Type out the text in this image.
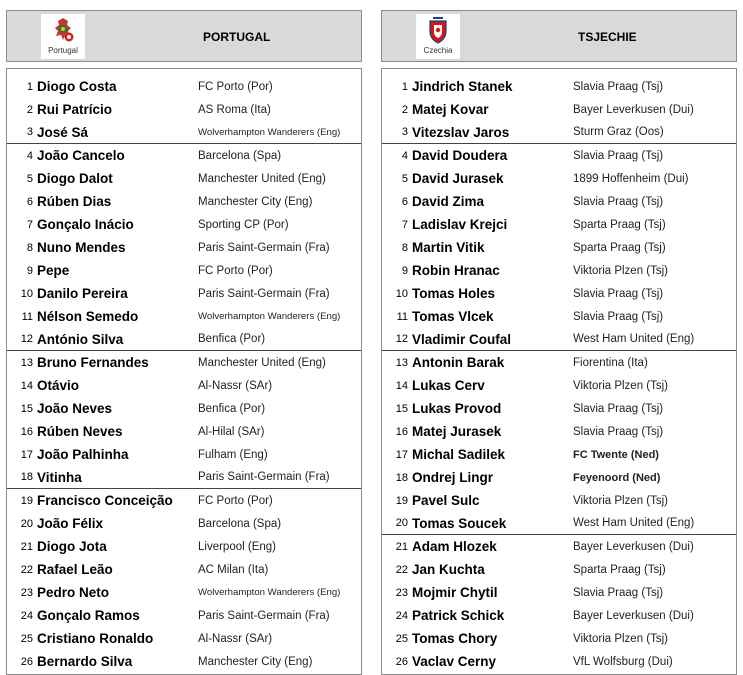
Portugal
PORTUGAL
1 Diogo Costa	FC Porto (Por)
2 Rui Patrício	AS Roma (Ita)
3 José Sá	Wolverhampton Wanderers (Eng)
4 João Cancelo	Barcelona (Spa)
5 Diogo Dalot	Manchester United (Eng)
6 Rúben Dias	Manchester City (Eng)
7 Gonçalo Inácio	Sporting CP (Por)
8 Nuno Mendes	Paris Saint-Germain (Fra)
9 Pepe	FC Porto (Por)
10 Danilo Pereira	Paris Saint-Germain (Fra)
11 Nélson Semedo	Wolverhampton Wanderers (Eng)
12 António Silva	Benfica (Por)
13 Bruno Fernandes	Manchester United (Eng)
14 Otávio	Al-Nassr (SAr)
15 João Neves	Benfica (Por)
16 Rúben Neves	Al-Hilal (SAr)
17 João Palhinha	Fulham (Eng)
18 Vitinha	Paris Saint-Germain (Fra)
19 Francisco Conceição	FC Porto (Por)
20 João Félix	Barcelona (Spa)
21 Diogo Jota	Liverpool (Eng)
22 Rafael Leão	AC Milan (Ita)
23 Pedro Neto	Wolverhampton Wanderers (Eng)
24 Gonçalo Ramos	Paris Saint-Germain (Fra)
25 Cristiano Ronaldo	Al-Nassr (SAr)
26 Bernardo Silva	Manchester City (Eng)
Czechia
TSJECHIE
1 Jindrich Stanek	Slavia Praag (Tsj)
2 Matej Kovar	Bayer Leverkusen (Dui)
3 Vitezslav Jaros	Sturm Graz (Oos)
4 David Doudera	Slavia Praag (Tsj)
5 David Jurasek	1899 Hoffenheim (Dui)
6 David Zima	Slavia Praag (Tsj)
7 Ladislav Krejci	Sparta Praag (Tsj)
8 Martin Vitik	Sparta Praag (Tsj)
9 Robin Hranac	Viktoria Plzen (Tsj)
10 Tomas Holes	Slavia Praag (Tsj)
11 Tomas Vlcek	Slavia Praag (Tsj)
12 Vladimir Coufal	West Ham United (Eng)
13 Antonin Barak	Fiorentina (Ita)
14 Lukas Cerv	Viktoria Plzen (Tsj)
15 Lukas Provod	Slavia Praag (Tsj)
16 Matej Jurasek	Slavia Praag (Tsj)
17 Michal Sadilek	FC Twente (Ned)
18 Ondrej Lingr	Feyenoord (Ned)
19 Pavel Sulc	Viktoria Plzen (Tsj)
20 Tomas Soucek	West Ham United (Eng)
21 Adam Hlozek	Bayer Leverkusen (Dui)
22 Jan Kuchta	Sparta Praag (Tsj)
23 Mojmir Chytil	Slavia Praag (Tsj)
24 Patrick Schick	Bayer Leverkusen (Dui)
25 Tomas Chory	Viktoria Plzen (Tsj)
26 Vaclav Cerny	VfL Wolfsburg (Dui)
